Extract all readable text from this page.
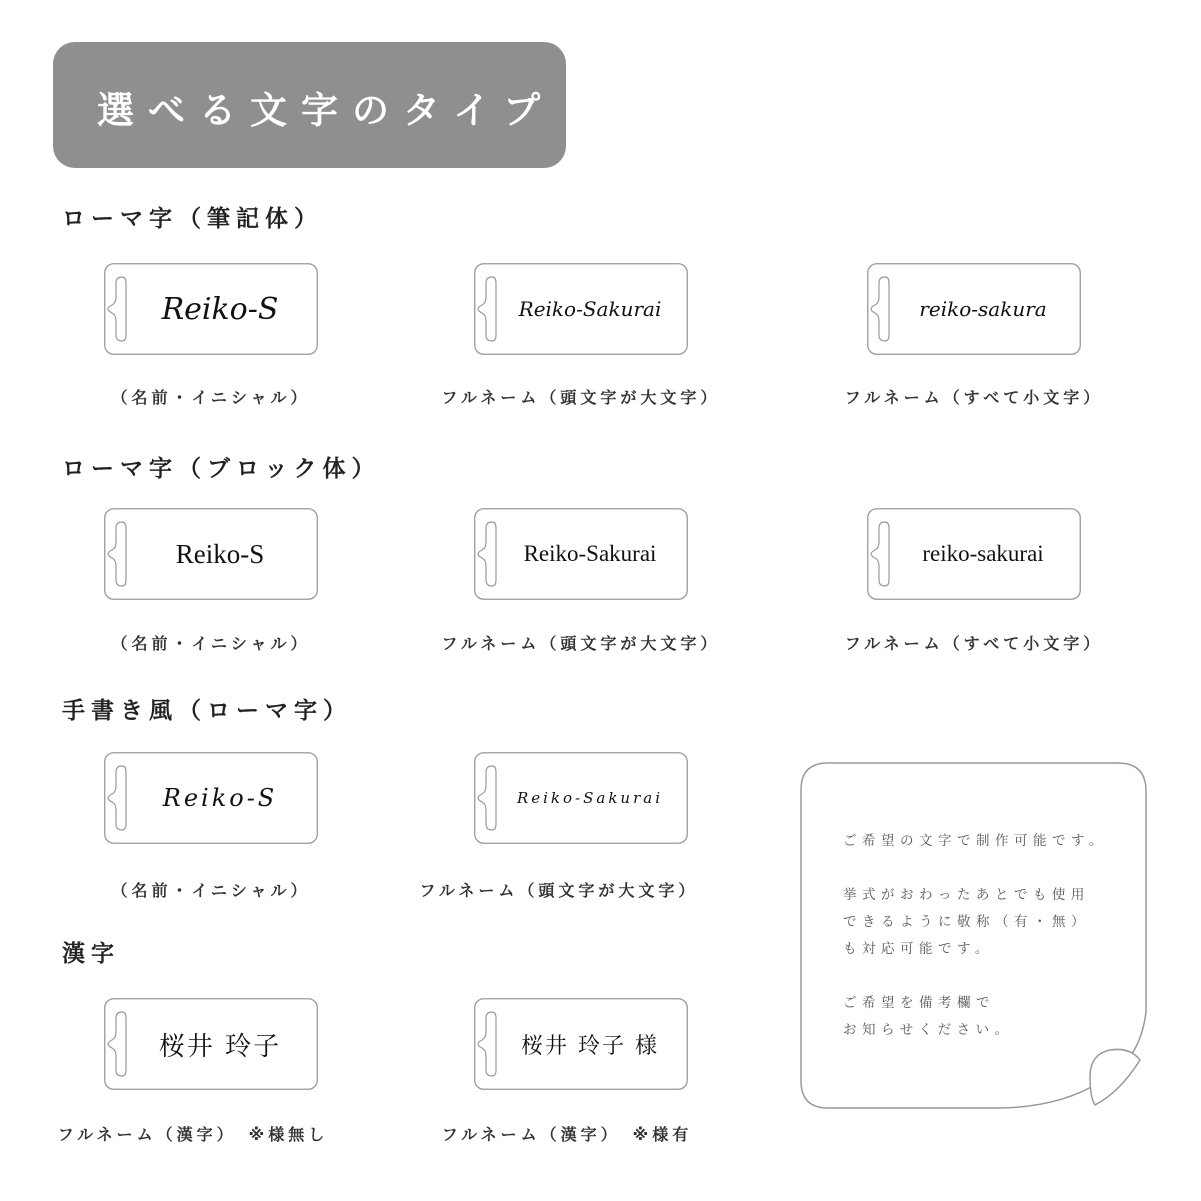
選べる文字のタイプ
ローマ字（筆記体）
ローマ字（ブロック体）
手書き風（ローマ字）
漢字
Reiko-S
（名前・イニシャル）
Reiko-Sakurai
フルネーム（頭文字が大文字）
reiko-sakura
フルネーム（すべて小文字）
Reiko-S
（名前・イニシャル）
Reiko-Sakurai
フルネーム（頭文字が大文字）
reiko-sakurai
フルネーム（すべて小文字）
Reiko-S
（名前・イニシャル）
Reiko-Sakurai
フルネーム（頭文字が大文字）
桜井 玲子
フルネーム（漢字）　※様無し
桜井 玲子 様
フルネーム（漢字）　※様有
ご希望の文字で制作可能です。
挙式がおわったあとでも使用
できるように敬称（有・無）
も対応可能です。
ご希望を備考欄で
お知らせください。
